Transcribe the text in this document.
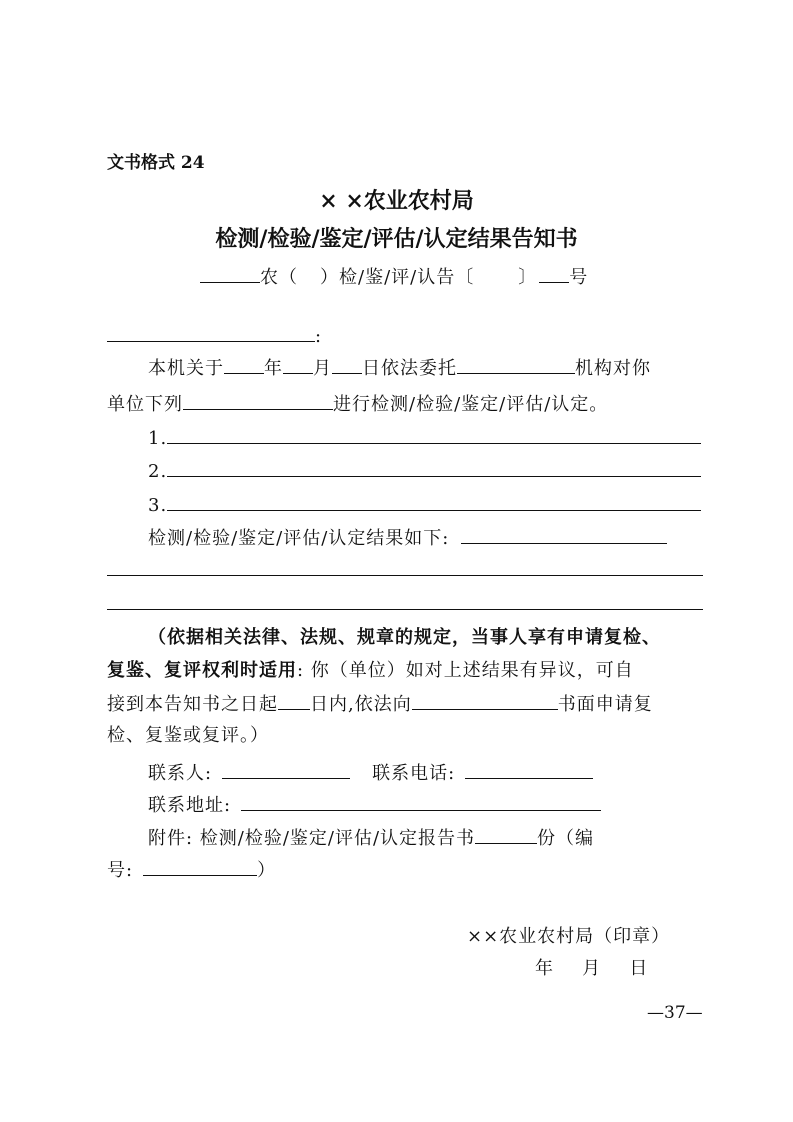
文书格式 24
× ×农业农村局
检测/检验/鉴定/评估/认定结果告知书
农（ ）检/鉴/评/认告〔 〕 号
:
本机关于 年 月 日依法委托	机构对你
单位下列	进行检测/检验/鉴定/评估/认定。
1.
2.
3.
检测/检验/鉴定/评估/认定结果如下:
（依据相关法律、法规、规章的规定，当事人享有申请复检、
复鉴、复评权利时适用: 你（单位）如对上述结果有异议，可自
接到本告知书之日起 日内,依法向	书面申请复
检、复鉴或复评。）
联系人:	联系电话:
联系地址:
附件: 检测/检验/鉴定/评估/认定报告书	份（编
号:	）
××农业农村局（印章）
年   月   日
—37—
